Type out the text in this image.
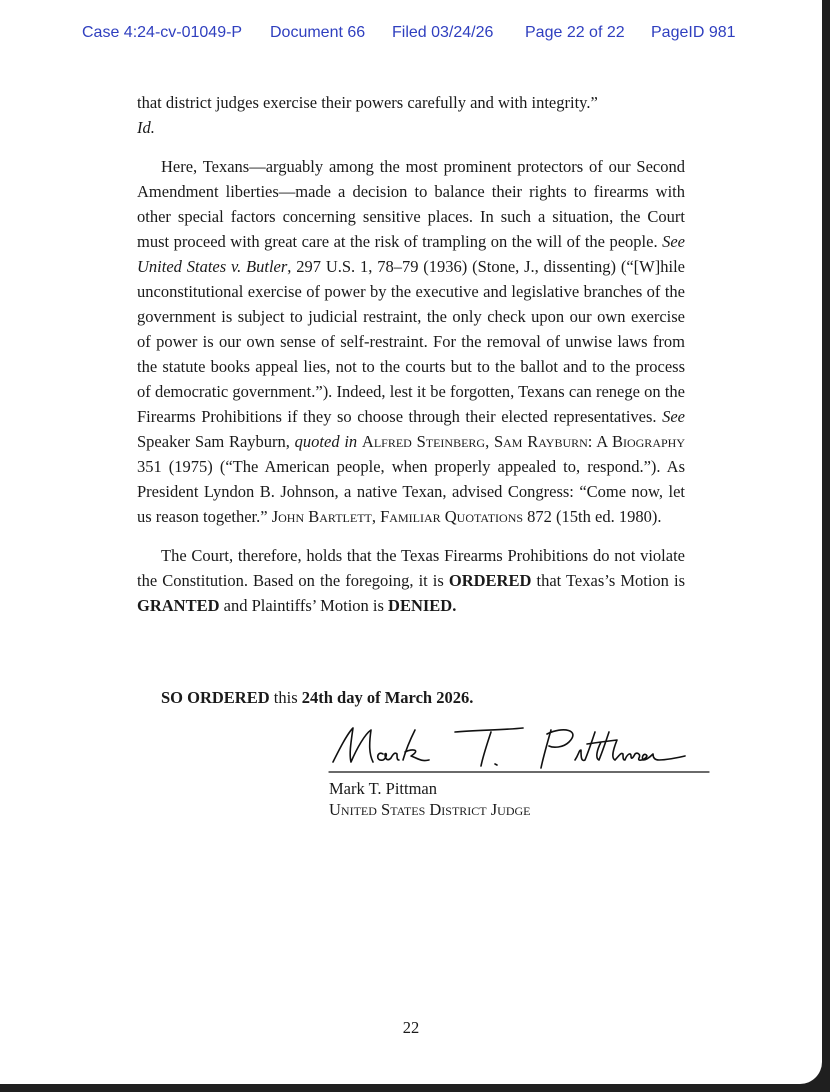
Case 4:24-cv-01049-P Document 66 Filed 03/24/26 Page 22 of 22 PageID 981

that district judges exercise their powers carefully and with integrity.”
Id.

Here, Texans—arguably among the most prominent protectors of our Second Amendment liberties—made a decision to balance their rights to firearms with other special factors concerning sensitive places. In such a situation, the Court must proceed with great care at the risk of trampling on the will of the people. See United States v. Butler, 297 U.S. 1, 78–79 (1936) (Stone, J., dissenting) (“[W]hile unconstitutional exercise of power by the executive and legislative branches of the government is subject to judicial restraint, the only check upon our own exercise of power is our own sense of self-restraint. For the removal of unwise laws from the statute books appeal lies, not to the courts but to the ballot and to the process of democratic government.”). Indeed, lest it be forgotten, Texans can renege on the Firearms Prohibitions if they so choose through their elected representatives. See Speaker Sam Rayburn, quoted in Alfred Steinberg, Sam Rayburn: A Biography 351 (1975) (“The American people, when properly appealed to, respond.”). As President Lyndon B. Johnson, a native Texan, advised Congress: “Come now, let us reason together.” John Bartlett, Familiar Quotations 872 (15th ed. 1980).

The Court, therefore, holds that the Texas Firearms Prohibitions do not violate the Constitution. Based on the foregoing, it is ORDERED that Texas’s Motion is GRANTED and Plaintiffs’ Motion is DENIED.

SO ORDERED this 24th day of March 2026.
Mark T. Pittman
United States District Judge
22
